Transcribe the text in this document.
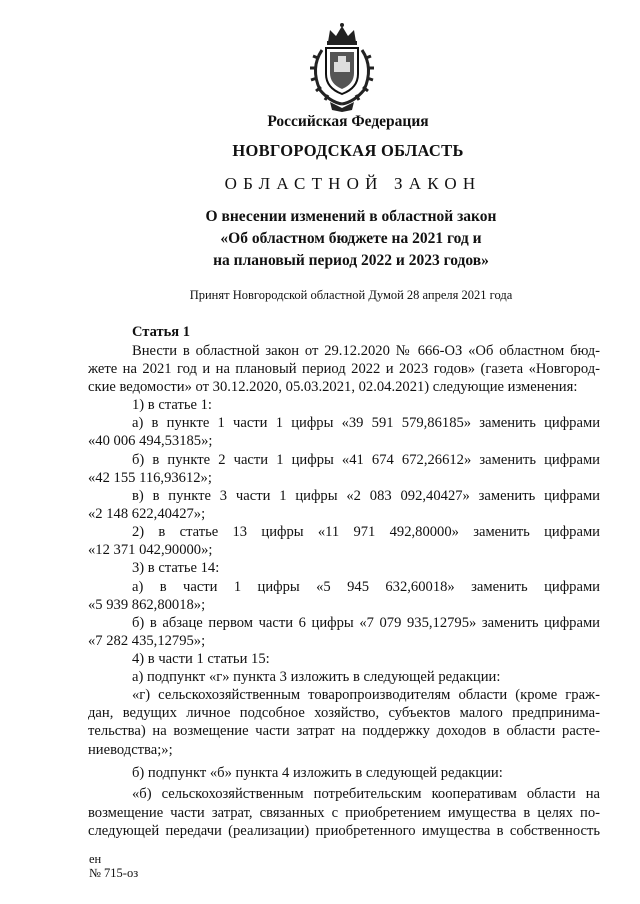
Российская Федерация
НОВГОРОДСКАЯ ОБЛАСТЬ
ОБЛАСТНОЙ ЗАКОН
О внесении изменений в областной закон
«Об областном бюджете на 2021 год и
на плановый период 2022 и 2023 годов»
Принят Новгородской областной Думой 28 апреля 2021 года
Статья 1
Внести в областной закон от 29.12.2020 № 666-ОЗ «Об областном бюд-
жете на 2021 год и на плановый период 2022 и 2023 годов» (газета «Новгород-
ские ведомости» от 30.12.2020, 05.03.2021, 02.04.2021) следующие изменения:
1) в статье 1:
а) в пункте 1 части 1 цифры «39 591 579,86185» заменить цифрами
«40 006 494,53185»;
б) в пункте 2 части 1 цифры «41 674 672,26612» заменить цифрами
«42 155 116,93612»;
в) в пункте 3 части 1 цифры «2 083 092,40427» заменить цифрами
«2 148 622,40427»;
2) в статье 13 цифры «11 971 492,80000» заменить цифрами
«12 371 042,90000»;
3) в статье 14:
а) в части 1 цифры «5 945 632,60018» заменить цифрами
«5 939 862,80018»;
б) в абзаце первом части 6 цифры «7 079 935,12795» заменить цифрами
«7 282 435,12795»;
4) в части 1 статьи 15:
а) подпункт «г» пункта 3 изложить в следующей редакции:
«г) сельскохозяйственным товаропроизводителям области (кроме граж-
дан, ведущих личное подсобное хозяйство, субъектов малого предпринима-
тельства) на возмещение части затрат на поддержку доходов в области расте-
ниеводства;»;
б) подпункт «б» пункта 4 изложить в следующей редакции:
«б) сельскохозяйственным потребительским кооперативам области на
возмещение части затрат, связанных с приобретением имущества в целях по-
следующей передачи (реализации) приобретенного имущества в собственность
ен
№ 715-оз
